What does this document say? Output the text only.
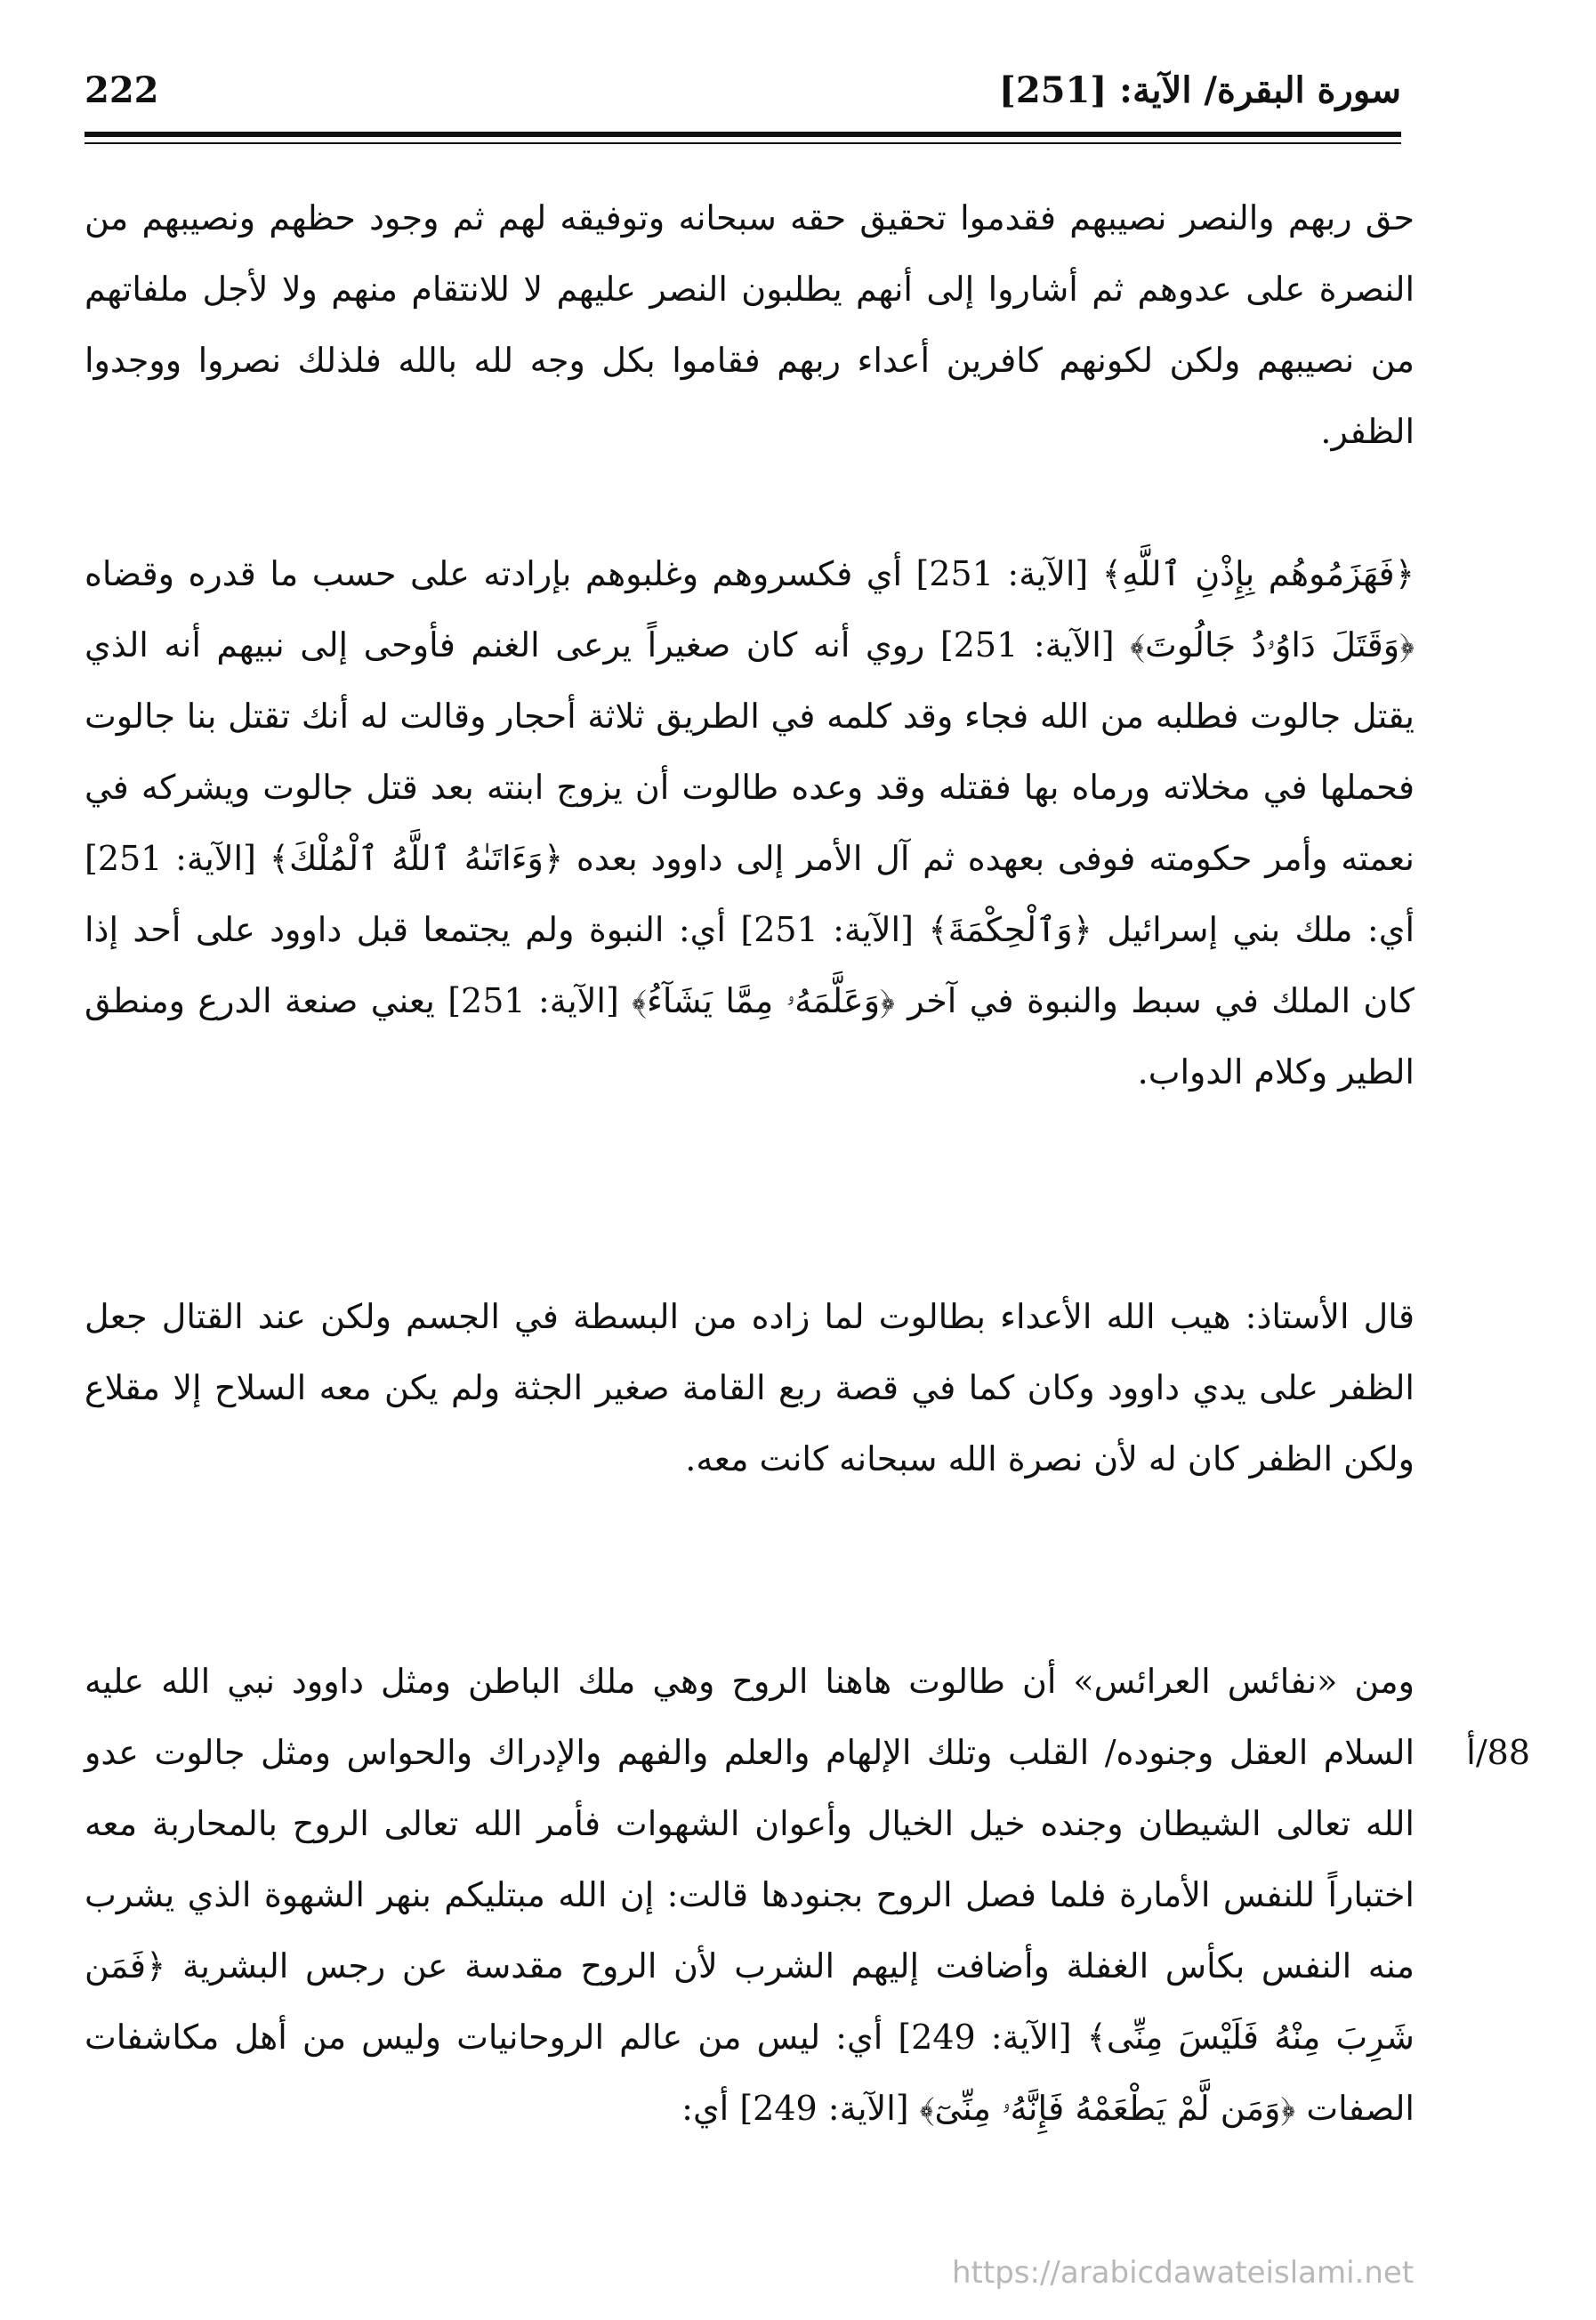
222	سورة البقرة/ الآية: [251]

حق ربهم والنصر نصيبهم فقدموا تحقيق حقه سبحانه وتوفيقه لهم ثم وجود حظهم ونصيبهم من النصرة على عدوهم ثم أشاروا إلى أنهم يطلبون النصر عليهم لا للانتقام منهم ولا لأجل ملفاتهم من نصيبهم ولكن لكونهم كافرين أعداء ربهم فقاموا بكل وجه لله بالله فلذلك نصروا ووجدوا الظفر.

﴿فَهَزَمُوهُم بِإِذْنِ ٱللَّهِ﴾ [الآية: 251] أي فكسروهم وغلبوهم بإرادته على حسب ما قدره وقضاه ﴿وَقَتَلَ دَاوُۥدُ جَالُوتَ﴾ [الآية: 251] روي أنه كان صغيراً يرعى الغنم فأوحى إلى نبيهم أنه الذي يقتل جالوت فطلبه من الله فجاء وقد كلمه في الطريق ثلاثة أحجار وقالت له أنك تقتل بنا جالوت فحملها في مخلاته ورماه بها فقتله وقد وعده طالوت أن يزوج ابنته بعد قتل جالوت ويشركه في نعمته وأمر حكومته فوفى بعهده ثم آل الأمر إلى داوود بعده ﴿وَءَاتَىٰهُ ٱللَّهُ ٱلْمُلْكَ﴾ [الآية: 251] أي: ملك بني إسرائيل ﴿وَٱلْحِكْمَةَ﴾ [الآية: 251] أي: النبوة ولم يجتمعا قبل داوود على أحد إذا كان الملك في سبط والنبوة في آخر ﴿وَعَلَّمَهُۥ مِمَّا يَشَآءُ﴾ [الآية: 251] يعني صنعة الدرع ومنطق الطير وكلام الدواب.

قال الأستاذ: هيب الله الأعداء بطالوت لما زاده من البسطة في الجسم ولكن عند القتال جعل الظفر على يدي داوود وكان كما في قصة ربع القامة صغير الجثة ولم يكن معه السلاح إلا مقلاع ولكن الظفر كان له لأن نصرة الله سبحانه كانت معه.

ومن «نفائس العرائس» أن طالوت هاهنا الروح وهي ملك الباطن ومثل داوود نبي الله عليه السلام العقل وجنوده/ القلب وتلك الإلهام والعلم والفهم والإدراك والحواس ومثل جالوت عدو الله تعالى الشيطان وجنده خيل الخيال وأعوان الشهوات فأمر الله تعالى الروح بالمحاربة معه اختباراً للنفس الأمارة فلما فصل الروح بجنودها قالت: إن الله مبتليكم بنهر الشهوة الذي يشرب منه النفس بكأس الغفلة وأضافت إليهم الشرب لأن الروح مقدسة عن رجس البشرية ﴿فَمَن شَرِبَ مِنْهُ فَلَيْسَ مِنِّى﴾ [الآية: 249] أي: ليس من عالم الروحانيات وليس من أهل مكاشفات الصفات ﴿وَمَن لَّمْ يَطْعَمْهُ فَإِنَّهُۥ مِنِّىٓ﴾ [الآية: 249] أي:

88/أ
https://arabicdawateislami.net
